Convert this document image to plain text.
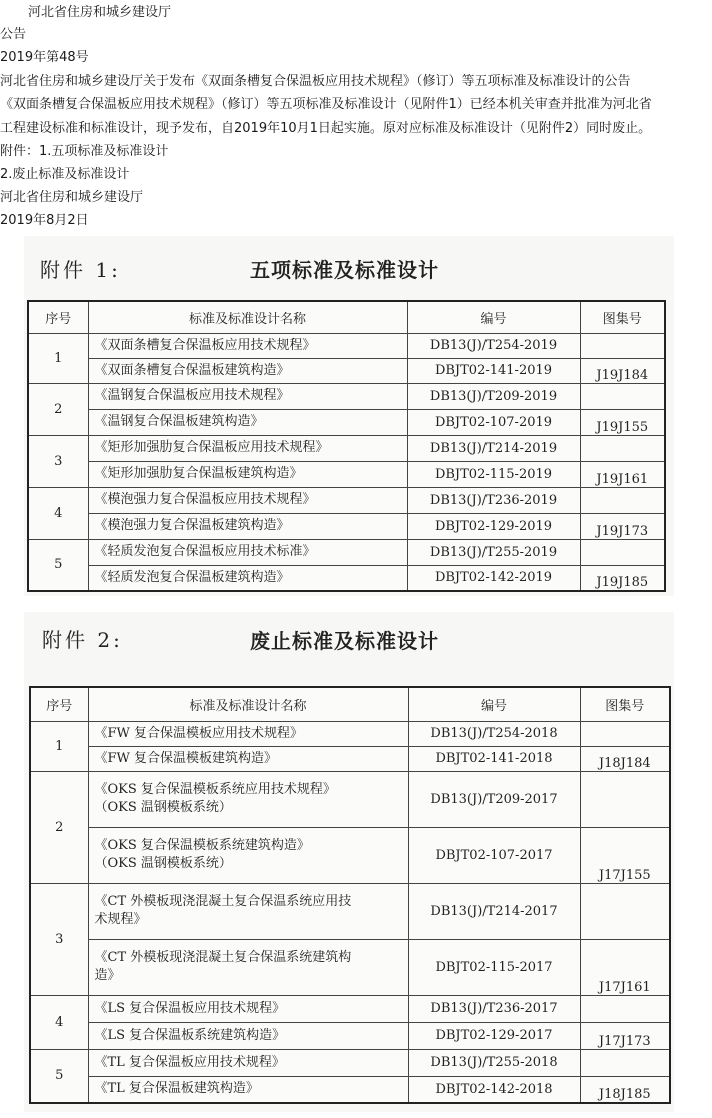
河北省住房和城乡建设厅
公告
2019年第48号
河北省住房和城乡建设厅关于发布《双面条槽复合保温板应用技术规程》（修订）等五项标准及标准设计的公告
《双面条槽复合保温板应用技术规程》（修订）等五项标准及标准设计（见附件1）已经本机关审查并批准为河北省
工程建设标准和标准设计，现予发布，自2019年10月1日起实施。原对应标准及标准设计（见附件2）同时废止。
附件：1.五项标准及标准设计
2.废止标准及标准设计
河北省住房和城乡建设厅
2019年8月2日
附件 1:	五项标准及标准设计
序号	标准及标准设计名称	编号	图集号
1	《双面条槽复合保温板应用技术规程》	DB13(J)/T254-2019	
	《双面条槽复合保温板建筑构造》	DBJT02-141-2019	J19J184
2	《温钢复合保温板应用技术规程》	DB13(J)/T209-2019	
	《温钢复合保温板建筑构造》	DBJT02-107-2019	J19J155
3	《矩形加强肋复合保温板应用技术规程》	DB13(J)/T214-2019	
	《矩形加强肋复合保温板建筑构造》	DBJT02-115-2019	J19J161
4	《模泡强力复合保温板应用技术规程》	DB13(J)/T236-2019	
	《模泡强力复合保温板建筑构造》	DBJT02-129-2019	J19J173
5	《轻质发泡复合保温板应用技术标准》	DB13(J)/T255-2019	
	《轻质发泡复合保温板建筑构造》	DBJT02-142-2019	J19J185
附件 2:	废止标准及标准设计
序号	标准及标准设计名称	编号	图集号
1	《FW 复合保温模板应用技术规程》	DB13(J)/T254-2018	
	《FW 复合保温模板建筑构造》	DBJT02-141-2018	J18J184
2	《OKS 复合保温模板系统应用技术规程》
（OKS 温钢模板系统）	DB13(J)/T209-2017	
	《OKS 复合保温模板系统建筑构造》
（OKS 温钢模板系统）	DBJT02-107-2017	J17J155
3	《CT 外模板现浇混凝土复合保温系统应用技
术规程》	DB13(J)/T214-2017	
	《CT 外模板现浇混凝土复合保温系统建筑构
造》	DBJT02-115-2017	J17J161
4	《LS 复合保温板应用技术规程》	DB13(J)/T236-2017	
	《LS 复合保温板系统建筑构造》	DBJT02-129-2017	J17J173
5	《TL 复合保温板应用技术规程》	DB13(J)/T255-2018	
	《TL 复合保温板建筑构造》	DBJT02-142-2018	J18J185
